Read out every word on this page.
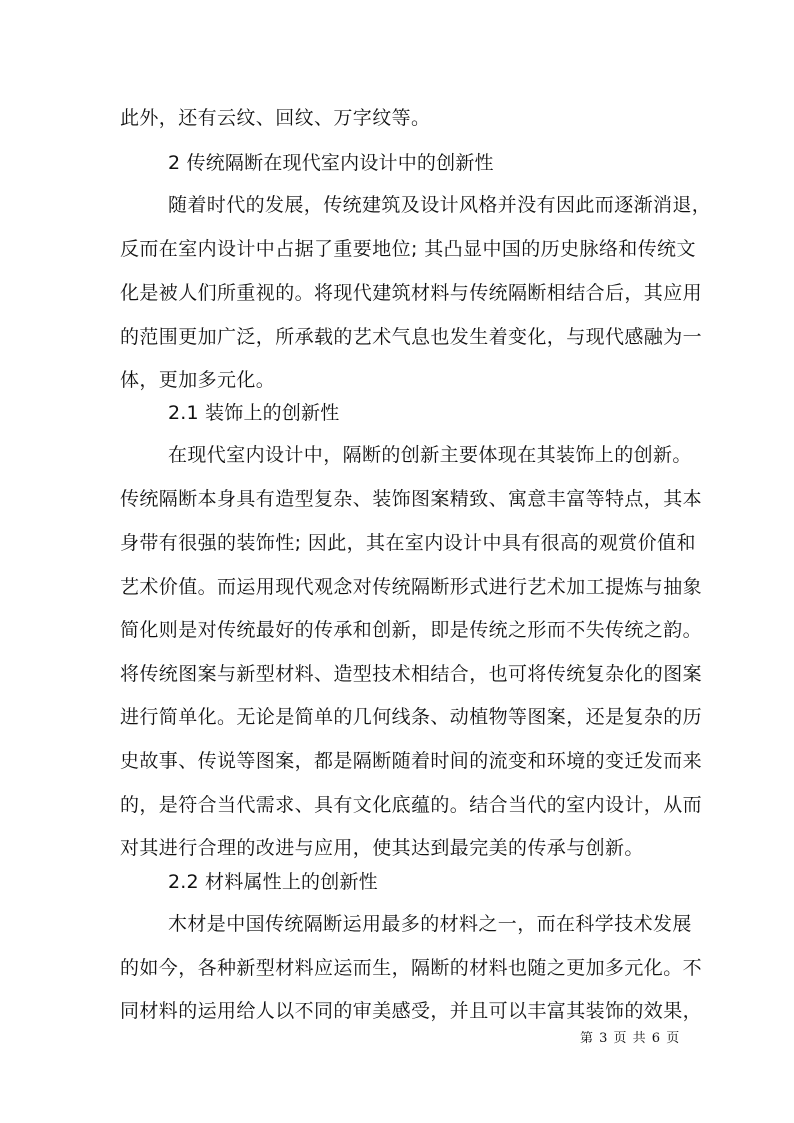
此外，还有云纹、回纹、万字纹等。
2 传统隔断在现代室内设计中的创新性
随着时代的发展，传统建筑及设计风格并没有因此而逐渐消退，
反而在室内设计中占据了重要地位; 其凸显中国的历史脉络和传统文
化是被人们所重视的。将现代建筑材料与传统隔断相结合后，其应用
的范围更加广泛，所承载的艺术气息也发生着变化，与现代感融为一
体，更加多元化。
2.1 装饰上的创新性
在现代室内设计中，隔断的创新主要体现在其装饰上的创新。
传统隔断本身具有造型复杂、装饰图案精致、寓意丰富等特点，其本
身带有很强的装饰性; 因此，其在室内设计中具有很高的观赏价值和
艺术价值。而运用现代观念对传统隔断形式进行艺术加工提炼与抽象
简化则是对传统最好的传承和创新，即是传统之形而不失传统之韵。
将传统图案与新型材料、造型技术相结合，也可将传统复杂化的图案
进行简单化。无论是简单的几何线条、动植物等图案，还是复杂的历
史故事、传说等图案，都是隔断随着时间的流变和环境的变迁发而来
的，是符合当代需求、具有文化底蕴的。结合当代的室内设计，从而
对其进行合理的改进与应用，使其达到最完美的传承与创新。
2.2 材料属性上的创新性
木材是中国传统隔断运用最多的材料之一，而在科学技术发展
的如今，各种新型材料应运而生，隔断的材料也随之更加多元化。不
同材料的运用给人以不同的审美感受，并且可以丰富其装饰的效果，
第 3 页 共 6 页
